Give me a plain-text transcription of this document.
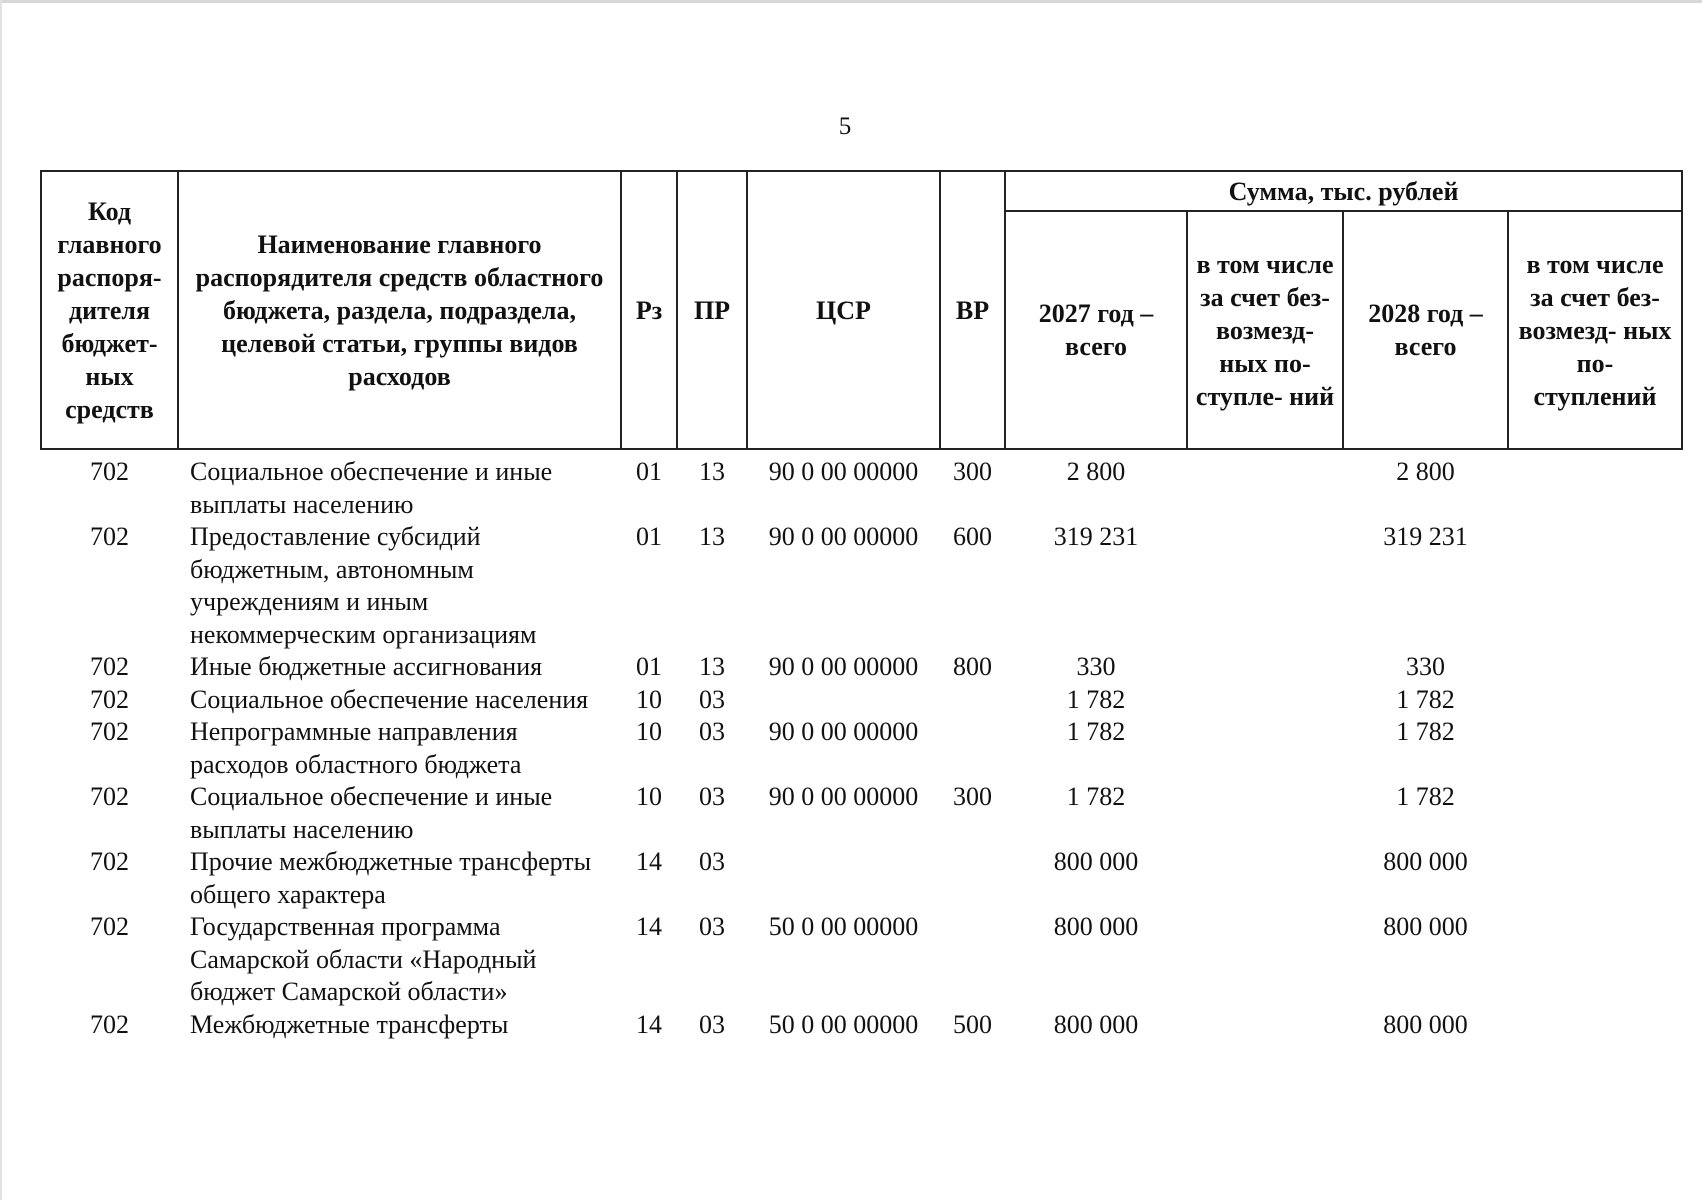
5
Код главного распоря- дителя бюджет- ных средств	Наименование главного распорядителя средств областного бюджета, раздела, подраздела, целевой статьи, группы видов расходов	Рз	ПР	ЦСР	ВР	Сумма, тыс. рублей			
						2027 год – всего	в том числе за счет без- возмезд- ных по- ступле- ний	2028 год – всего	в том числе за счет без- возмезд- ных по- ступлений
702	Социальное обеспечение и иные выплаты населению	01	13	90 0 00 00000	300	2 800		2 800	
702	Предоставление субсидий бюджетным, автономным учреждениям и иным некоммерческим организациям	01	13	90 0 00 00000	600	319 231		319 231	
702	Иные бюджетные ассигнования	01	13	90 0 00 00000	800	330		330	
702	Социальное обеспечение населения	10	03			1 782		1 782	
702	Непрограммные направления расходов областного бюджета	10	03	90 0 00 00000		1 782		1 782	
702	Социальное обеспечение и иные выплаты населению	10	03	90 0 00 00000	300	1 782		1 782	
702	Прочие межбюджетные трансферты общего характера	14	03			800 000		800 000	
702	Государственная программа Самарской области «Народный бюджет Самарской области»	14	03	50 0 00 00000		800 000		800 000	
702	Межбюджетные трансферты	14	03	50 0 00 00000	500	800 000		800 000	
